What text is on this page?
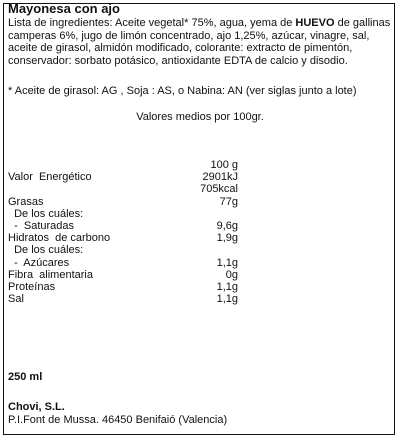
Mayonesa con ajo
Lista de ingredientes: Aceite vegetal* 75%, agua, yema de HUEVO de gallinas camperas 6%, jugo de limón concentrado, ajo 1,25%, azúcar, vinagre, sal, aceite de girasol, almidón modificado, colorante: extracto de pimentón, conservador: sorbato potásico, antioxidante EDTA de calcio y disodio.
* Aceite de girasol: AG , Soja : AS, o Nabina: AN (ver siglas junto a lote)
Valores medios por 100gr.
100 g
Valor  Energético	2901kJ
705kcal
Grasas	77g
De los cuáles:
-  Saturadas	9,6g
Hidratos  de carbono	1,9g
De los cuáles:
-  Azúcares	1,1g
Fibra  alimentaria	0g
Proteínas	1,1g
Sal	1,1g
250 ml
Chovi, S.L.
P.I.Font de Mussa. 46450 Benifaió (Valencia)
